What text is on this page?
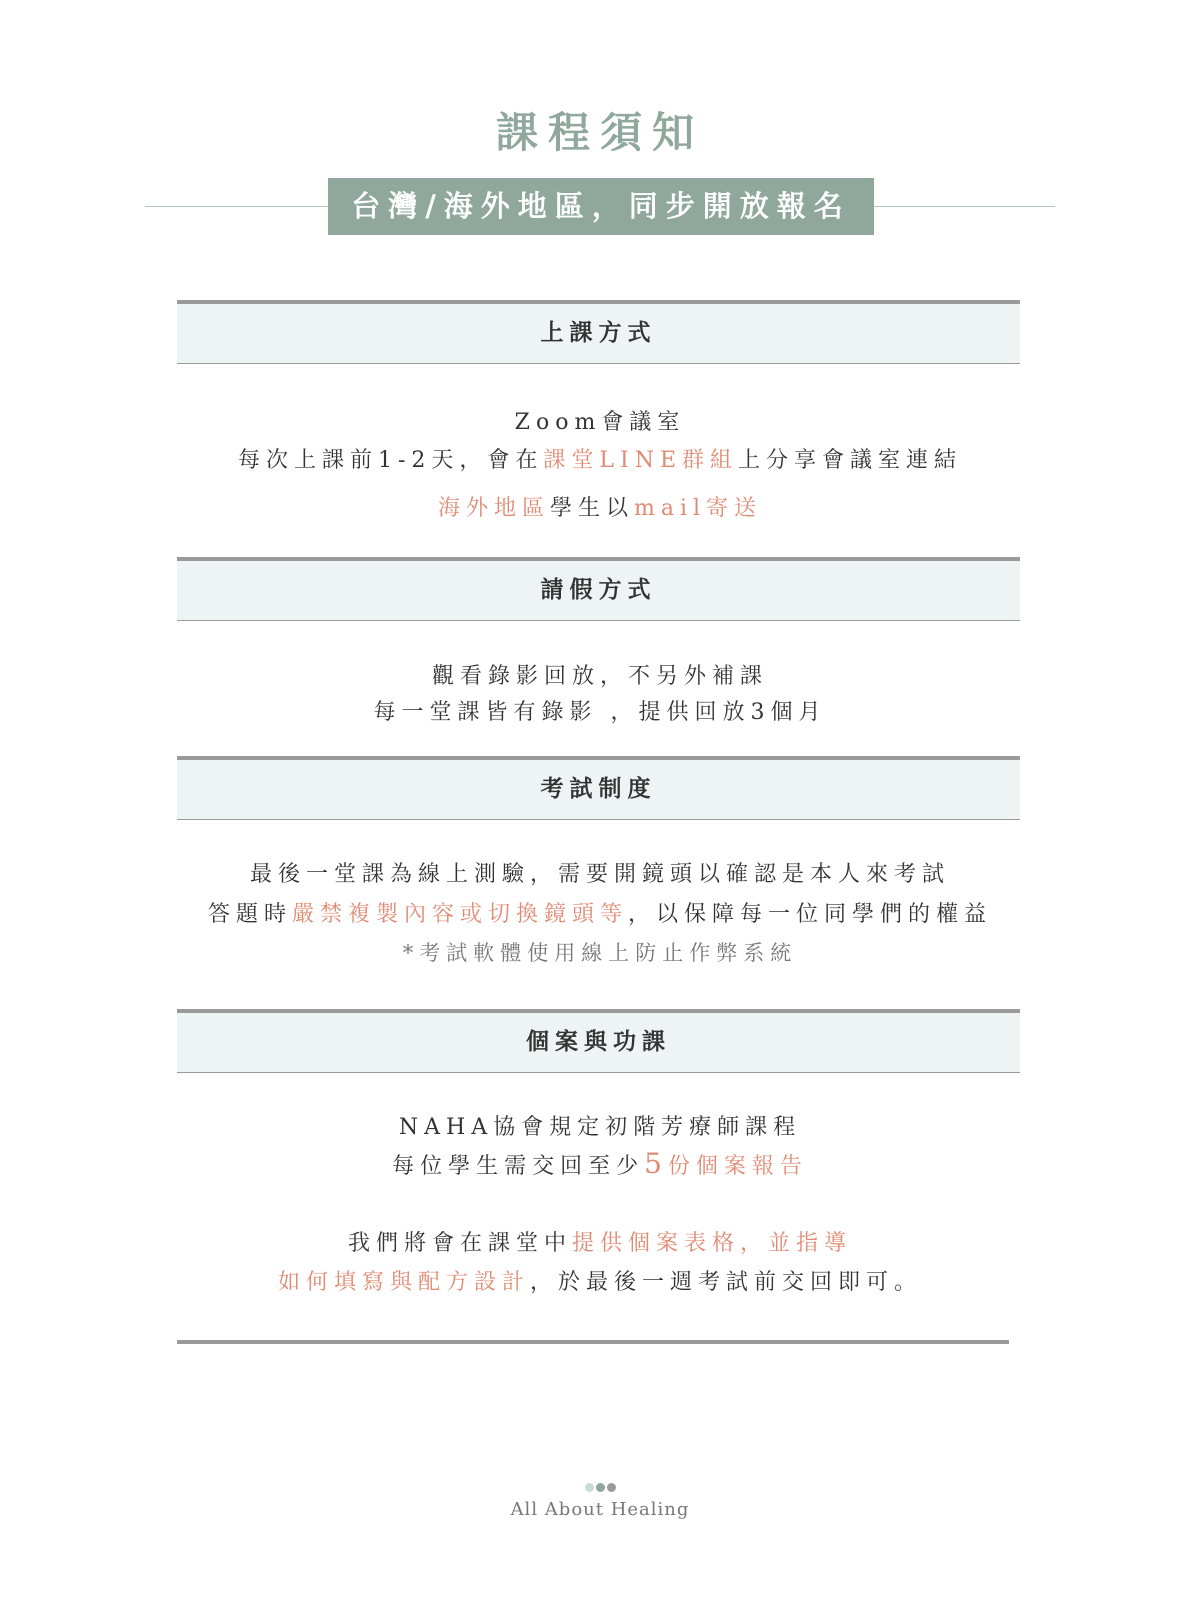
課程須知
台灣/海外地區，同步開放報名
上課方式
Zoom會議室
每次上課前1-2天，會在課堂LINE群組上分享會議室連結
海外地區學生以mail寄送
請假方式
觀看錄影回放，不另外補課
每一堂課皆有錄影 ，提供回放3個月
考試制度
最後一堂課為線上測驗，需要開鏡頭以確認是本人來考試
答題時嚴禁複製內容或切換鏡頭等，以保障每一位同學們的權益
*考試軟體使用線上防止作弊系統
個案與功課
NAHA協會規定初階芳療師課程
每位學生需交回至少5份個案報告
我們將會在課堂中提供個案表格，並指導
如何填寫與配方設計，於最後一週考試前交回即可。
All About Healing
